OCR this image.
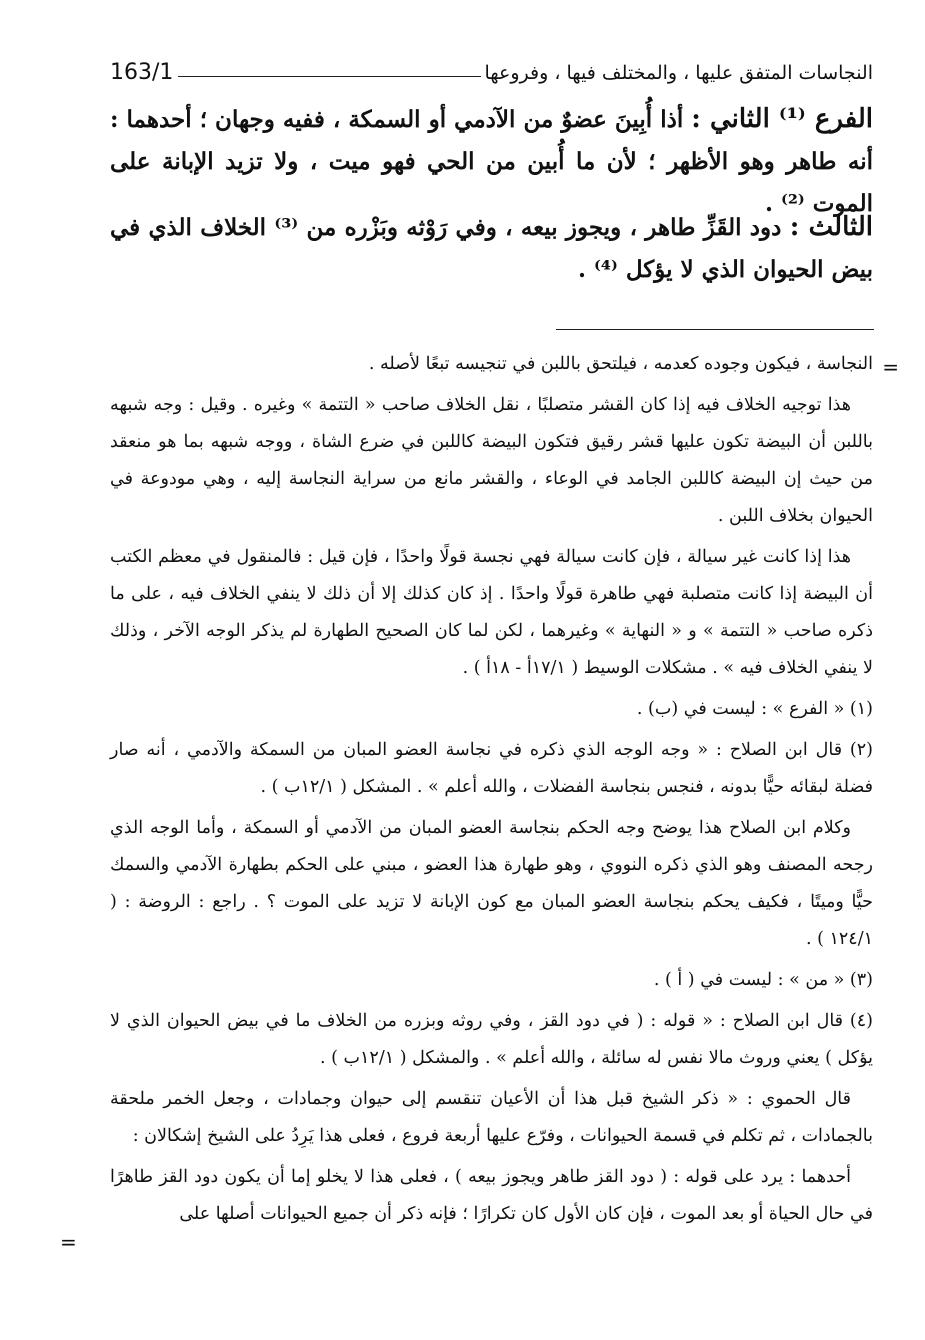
163/1	النجاسات المتفق عليها ، والمختلف فيها ، وفروعها
الفرع ⁽¹⁾ الثاني : أذا أُبِينَ عضوٌ من الآدمي أو السمكة ، ففيه وجهان ؛ أحدهما : أنه طاهر وهو الأظهر ؛ لأن ما أُبين من الحي فهو ميت ، ولا تزيد الإبانة على الموت ⁽²⁾ .
الثالث : دود القَزِّ طاهر ، ويجوز بيعه ، وفي رَوْثه وبَزْره من ⁽³⁾ الخلاف الذي في بيض الحيوان الذي لا يؤكل ⁽⁴⁾ .
=

النجاسة ، فيكون وجوده كعدمه ، فيلتحق باللبن في تنجيسه تبعًا لأصله .

هذا توجيه الخلاف فيه إذا كان القشر متصلبًا ، نقل الخلاف صاحب « التتمة » وغيره . وقيل : وجه شبهه باللبن أن البيضة تكون عليها قشر رقيق فتكون البيضة كاللبن في ضرع الشاة ، ووجه شبهه بما هو منعقد من حيث إن البيضة كاللبن الجامد في الوعاء ، والقشر مانع من سراية النجاسة إليه ، وهي مودوعة في الحيوان بخلاف اللبن .

هذا إذا كانت غير سيالة ، فإن كانت سيالة فهي نجسة قولًا واحدًا ، فإن قيل : فالمنقول في معظم الكتب أن البيضة إذا كانت متصلبة فهي طاهرة قولًا واحدًا . إذ كان كذلك إلا أن ذلك لا ينفي الخلاف فيه ، على ما ذكره صاحب « التتمة » و « النهاية » وغيرهما ، لكن لما كان الصحيح الطهارة لم يذكر الوجه الآخر ، وذلك لا ينفي الخلاف فيه » . مشكلات الوسيط ( ١٧/١أ - ١٨أ ) .

(١) « الفرع » : ليست في (ب) .

(٢) قال ابن الصلاح : « وجه الوجه الذي ذكره في نجاسة العضو المبان من السمكة والآدمي ، أنه صار فضلة لبقائه حيًّا بدونه ، فنجس بنجاسة الفضلات ، والله أعلم » . المشكل ( ١٢/١ب ) .

وكلام ابن الصلاح هذا يوضح وجه الحكم بنجاسة العضو المبان من الآدمي أو السمكة ، وأما الوجه الذي رجحه المصنف وهو الذي ذكره النووي ، وهو طهارة هذا العضو ، مبني على الحكم بطهارة الآدمي والسمك حيًّا وميتًا ، فكيف يحكم بنجاسة العضو المبان مع كون الإبانة لا تزيد على الموت ؟ . راجع : الروضة : ( ١٢٤/١ ) .

(٣) « من » : ليست في ( أ ) .

(٤) قال ابن الصلاح : « قوله : ( في دود القز ، وفي روثه وبزره من الخلاف ما في بيض الحيوان الذي لا يؤكل ) يعني وروث مالا نفس له سائلة ، والله أعلم » . والمشكل ( ١٢/١ب ) .

قال الحموي : « ذكر الشيخ قبل هذا أن الأعيان تنقسم إلى حيوان وجمادات ، وجعل الخمر ملحقة بالجمادات ، ثم تكلم في قسمة الحيوانات ، وفرّع عليها أربعة فروع ، فعلى هذا يَرِدُ على الشيخ إشكالان :

أحدهما : يرد على قوله : ( دود القز طاهر ويجوز بيعه ) ، فعلى هذا لا يخلو إما أن يكون دود القز طاهرًا في حال الحياة أو بعد الموت ، فإن كان الأول كان تكرارًا ؛ فإنه ذكر أن جميع الحيوانات أصلها على

=
